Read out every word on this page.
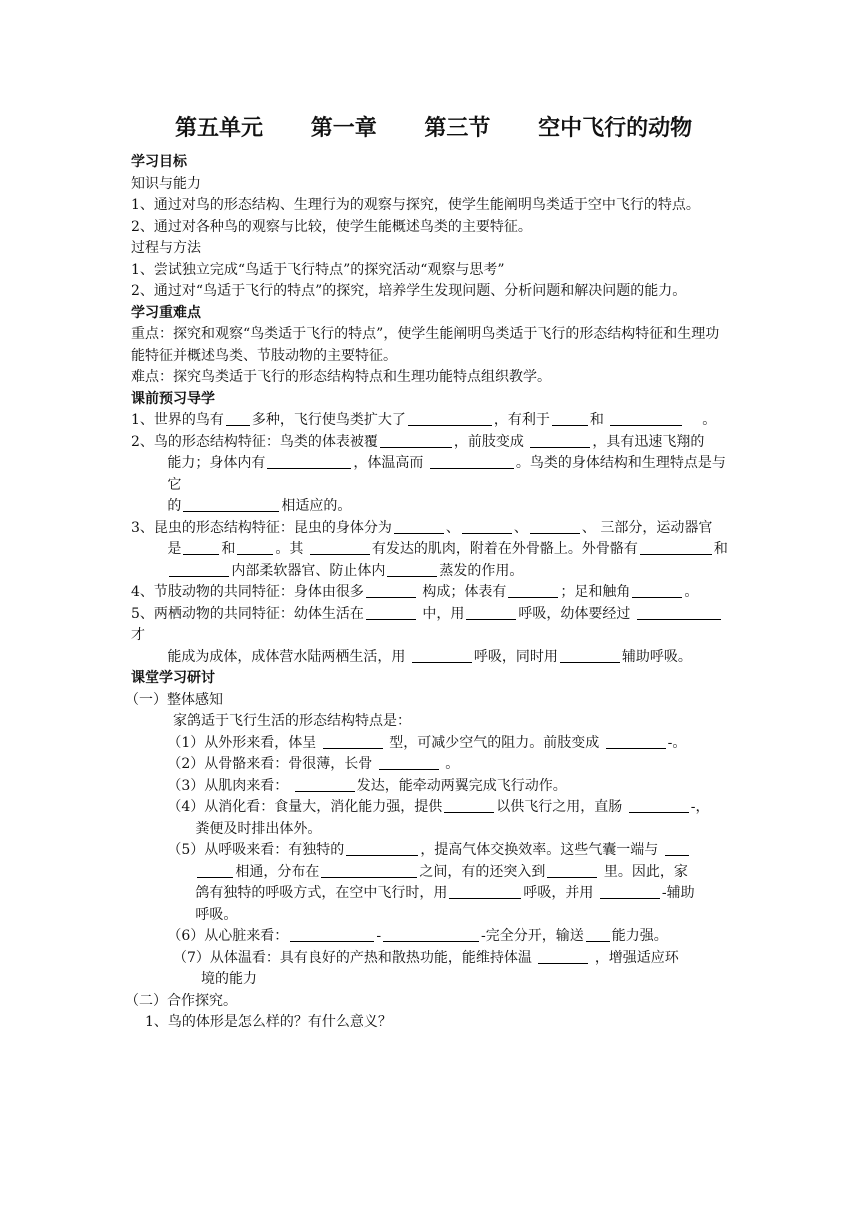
第五单元 第一章 第三节 空中飞行的动物
学习目标
知识与能力
1、通过对鸟的形态结构、生理行为的观察与探究，使学生能阐明鸟类适于空中飞行的特点。
2、通过对各种鸟的观察与比较，使学生能概述鸟类的主要特征。
过程与方法
1、尝试独立完成“鸟适于飞行特点”的探究活动“观察与思考”
2、通过对“鸟适于飞行的特点”的探究，培养学生发现问题、分析问题和解决问题的能力。
学习重难点
重点：探究和观察“鸟类适于飞行的特点”，使学生能阐明鸟类适于飞行的形态结构特征和生理功能特征并概述鸟类、节肢动物的主要特征。
难点：探究鸟类适于飞行的形态结构特点和生理功能特点组织教学。
课前预习导学
1、世界的鸟有 多种，飞行使鸟类扩大了	，有利于	和	。
2、鸟的形态结构特征：鸟类的体表被覆	，前肢变成	，具有迅速飞翔的
能力；身体内有	，体温高而	。鸟类的身体结构和生理特点是与它
的	相适应的。
3、昆虫的形态结构特征：昆虫的身体分为	、	、	、 三部分，运动器官
是	和	。其	有发达的肌肉，附着在外骨骼上。外骨骼有	和
内部柔软器官、防止体内	蒸发的作用。
4、节肢动物的共同特征：身体由很多	构成；体表有	；足和触角	。
5、两栖动物的共同特征：幼体生活在	中，用	呼吸，幼体要经过 才
能成为成体，成体营水陆两栖生活，用	呼吸，同时用	辅助呼吸。
课堂学习研讨
（一）整体感知
家鸽适于飞行生活的形态结构特点是：
（1）从外形来看，体呈	型，可减少空气的阻力。前肢变成	-。
（2）从骨骼来看：骨很薄，长骨	。
（3）从肌肉来看：	发达，能牵动两翼完成飞行动作。
（4）从消化看：食量大，消化能力强，提供	以供飞行之用，直肠	-，
粪便及时排出体外。
（5）从呼吸来看：有独特的	，提高气体交换效率。这些气囊一端与
相通，分布在	之间，有的还突入到	里。因此，家
鸽有独特的呼吸方式，在空中飞行时，用	呼吸，并用	-辅助
呼吸。
（6）从心脏来看：	-	-完全分开，输送 能力强。
（7）从体温看：具有良好的产热和散热功能，能维持体温	，增强适应环
境的能力
（二）合作探究。
1、鸟的体形是怎么样的？有什么意义？
